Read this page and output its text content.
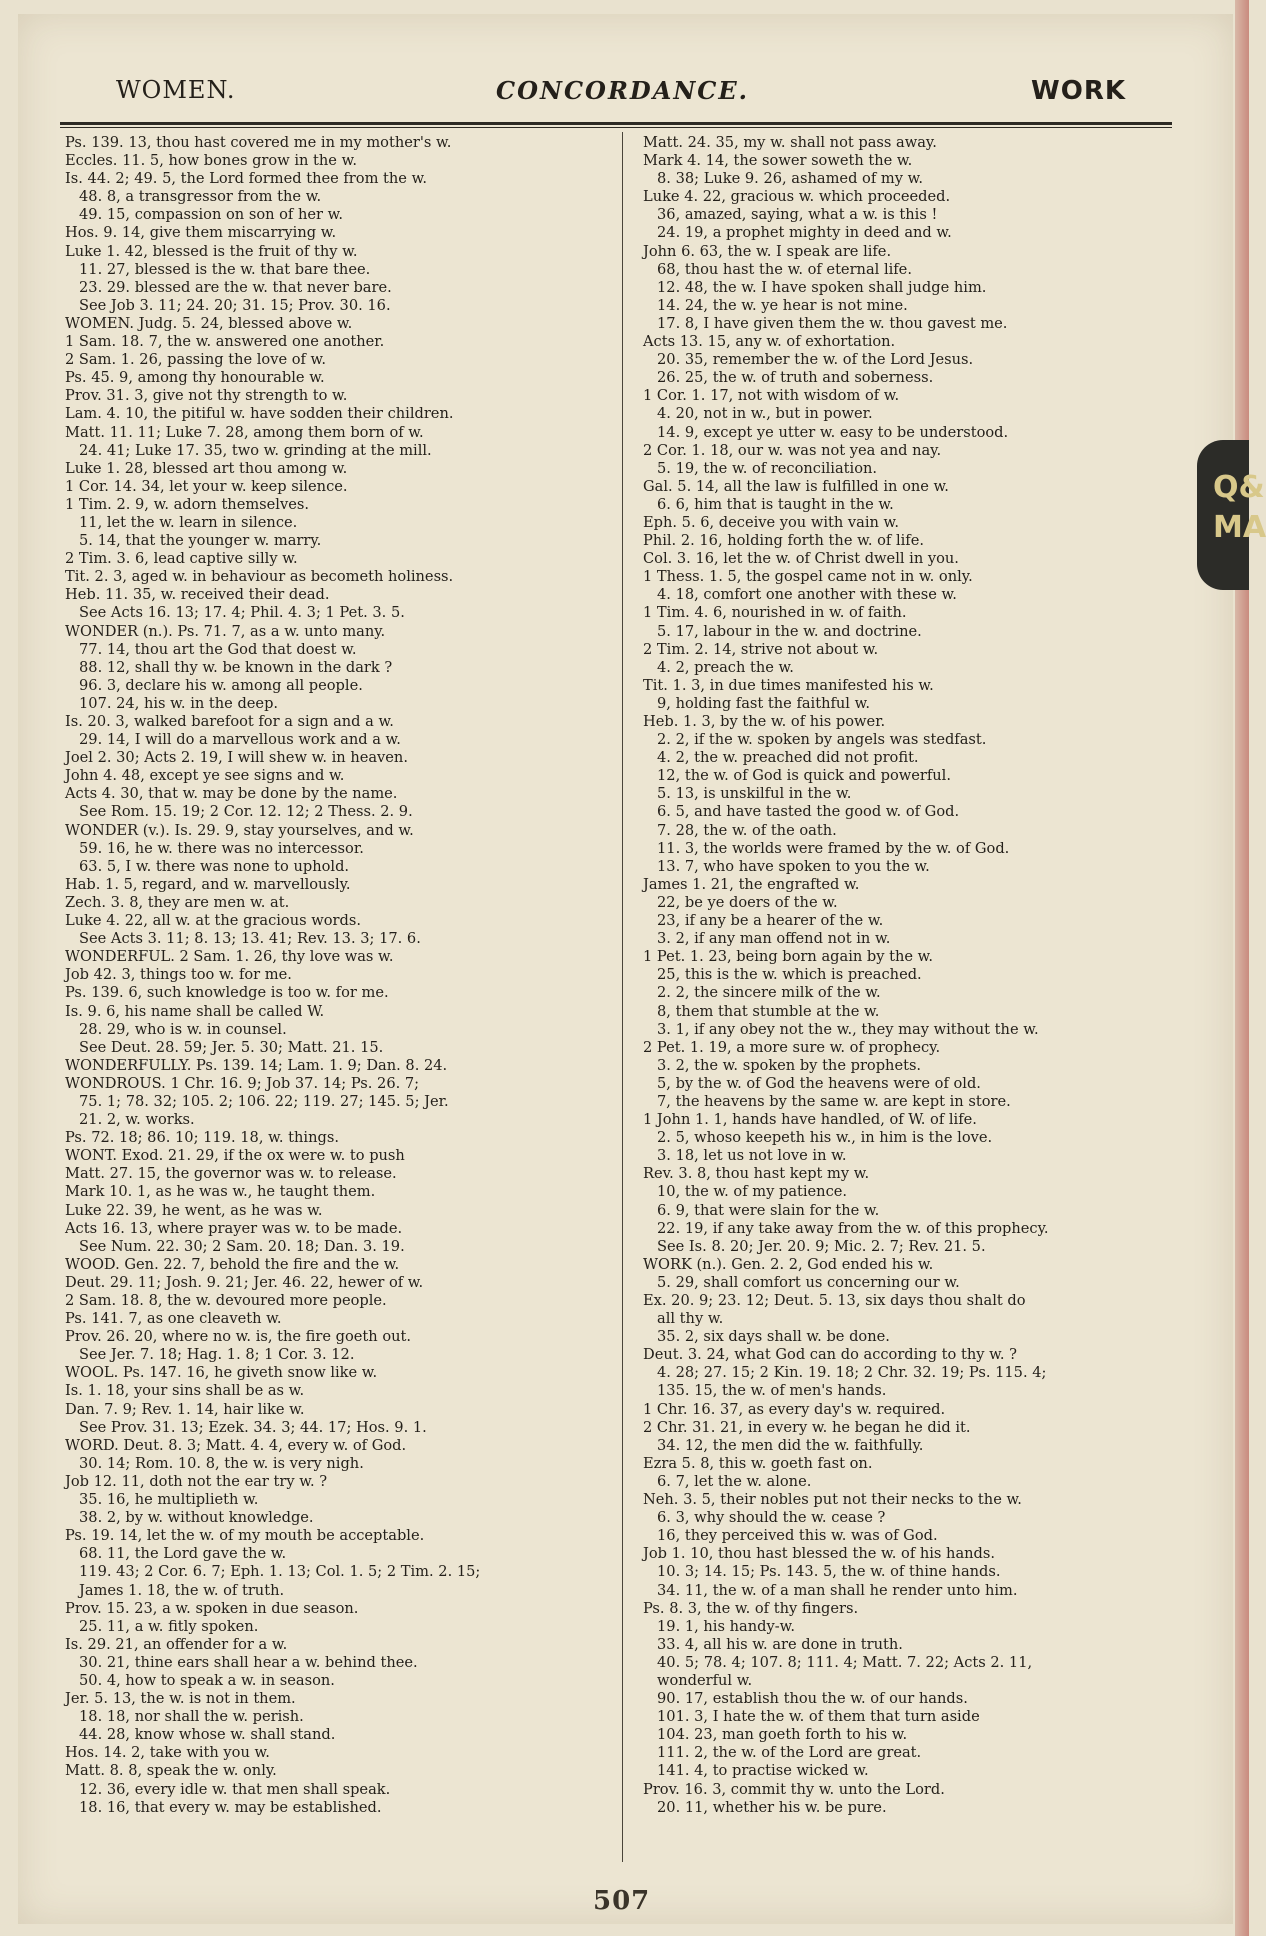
WOMEN.	CONCORDANCE.	WORK
Ps. 139. 13, thou hast covered me in my mother's w.
Eccles. 11. 5, how bones grow in the w.
Is. 44. 2; 49. 5, the Lord formed thee from the w.
48. 8, a transgressor from the w.
49. 15, compassion on son of her w.
Hos. 9. 14, give them miscarrying w.
Luke 1. 42, blessed is the fruit of thy w.
11. 27, blessed is the w. that bare thee.
23. 29. blessed are the w. that never bare.
See Job 3. 11; 24. 20; 31. 15; Prov. 30. 16.
WOMEN. Judg. 5. 24, blessed above w.
1 Sam. 18. 7, the w. answered one another.
2 Sam. 1. 26, passing the love of w.
Ps. 45. 9, among thy honourable w.
Prov. 31. 3, give not thy strength to w.
Lam. 4. 10, the pitiful w. have sodden their children.
Matt. 11. 11; Luke 7. 28, among them born of w.
24. 41; Luke 17. 35, two w. grinding at the mill.
Luke 1. 28, blessed art thou among w.
1 Cor. 14. 34, let your w. keep silence.
1 Tim. 2. 9, w. adorn themselves.
11, let the w. learn in silence.
5. 14, that the younger w. marry.
2 Tim. 3. 6, lead captive silly w.
Tit. 2. 3, aged w. in behaviour as becometh holiness.
Heb. 11. 35, w. received their dead.
See Acts 16. 13; 17. 4; Phil. 4. 3; 1 Pet. 3. 5.
WONDER (n.). Ps. 71. 7, as a w. unto many.
77. 14, thou art the God that doest w.
88. 12, shall thy w. be known in the dark ?
96. 3, declare his w. among all people.
107. 24, his w. in the deep.
Is. 20. 3, walked barefoot for a sign and a w.
29. 14, I will do a marvellous work and a w.
Joel 2. 30; Acts 2. 19, I will shew w. in heaven.
John 4. 48, except ye see signs and w.
Acts 4. 30, that w. may be done by the name.
See Rom. 15. 19; 2 Cor. 12. 12; 2 Thess. 2. 9.
WONDER (v.). Is. 29. 9, stay yourselves, and w.
59. 16, he w. there was no intercessor.
63. 5, I w. there was none to uphold.
Hab. 1. 5, regard, and w. marvellously.
Zech. 3. 8, they are men w. at.
Luke 4. 22, all w. at the gracious words.
See Acts 3. 11; 8. 13; 13. 41; Rev. 13. 3; 17. 6.
WONDERFUL. 2 Sam. 1. 26, thy love was w.
Job 42. 3, things too w. for me.
Ps. 139. 6, such knowledge is too w. for me.
Is. 9. 6, his name shall be called W.
28. 29, who is w. in counsel.
See Deut. 28. 59; Jer. 5. 30; Matt. 21. 15.
WONDERFULLY. Ps. 139. 14; Lam. 1. 9; Dan. 8. 24.
WONDROUS. 1 Chr. 16. 9; Job 37. 14; Ps. 26. 7;
75. 1; 78. 32; 105. 2; 106. 22; 119. 27; 145. 5; Jer.
21. 2, w. works.
Ps. 72. 18; 86. 10; 119. 18, w. things.
WONT. Exod. 21. 29, if the ox were w. to push
Matt. 27. 15, the governor was w. to release.
Mark 10. 1, as he was w., he taught them.
Luke 22. 39, he went, as he was w.
Acts 16. 13, where prayer was w. to be made.
See Num. 22. 30; 2 Sam. 20. 18; Dan. 3. 19.
WOOD. Gen. 22. 7, behold the fire and the w.
Deut. 29. 11; Josh. 9. 21; Jer. 46. 22, hewer of w.
2 Sam. 18. 8, the w. devoured more people.
Ps. 141. 7, as one cleaveth w.
Prov. 26. 20, where no w. is, the fire goeth out.
See Jer. 7. 18; Hag. 1. 8; 1 Cor. 3. 12.
WOOL. Ps. 147. 16, he giveth snow like w.
Is. 1. 18, your sins shall be as w.
Dan. 7. 9; Rev. 1. 14, hair like w.
See Prov. 31. 13; Ezek. 34. 3; 44. 17; Hos. 9. 1.
WORD. Deut. 8. 3; Matt. 4. 4, every w. of God.
30. 14; Rom. 10. 8, the w. is very nigh.
Job 12. 11, doth not the ear try w. ?
35. 16, he multiplieth w.
38. 2, by w. without knowledge.
Ps. 19. 14, let the w. of my mouth be acceptable.
68. 11, the Lord gave the w.
119. 43; 2 Cor. 6. 7; Eph. 1. 13; Col. 1. 5; 2 Tim. 2. 15;
James 1. 18, the w. of truth.
Prov. 15. 23, a w. spoken in due season.
25. 11, a w. fitly spoken.
Is. 29. 21, an offender for a w.
30. 21, thine ears shall hear a w. behind thee.
50. 4, how to speak a w. in season.
Jer. 5. 13, the w. is not in them.
18. 18, nor shall the w. perish.
44. 28, know whose w. shall stand.
Hos. 14. 2, take with you w.
Matt. 8. 8, speak the w. only.
12. 36, every idle w. that men shall speak.
18. 16, that every w. may be established.
Matt. 24. 35, my w. shall not pass away.
Mark 4. 14, the sower soweth the w.
8. 38; Luke 9. 26, ashamed of my w.
Luke 4. 22, gracious w. which proceeded.
36, amazed, saying, what a w. is this !
24. 19, a prophet mighty in deed and w.
John 6. 63, the w. I speak are life.
68, thou hast the w. of eternal life.
12. 48, the w. I have spoken shall judge him.
14. 24, the w. ye hear is not mine.
17. 8, I have given them the w. thou gavest me.
Acts 13. 15, any w. of exhortation.
20. 35, remember the w. of the Lord Jesus.
26. 25, the w. of truth and soberness.
1 Cor. 1. 17, not with wisdom of w.
4. 20, not in w., but in power.
14. 9, except ye utter w. easy to be understood.
2 Cor. 1. 18, our w. was not yea and nay.
5. 19, the w. of reconciliation.
Gal. 5. 14, all the law is fulfilled in one w.
6. 6, him that is taught in the w.
Eph. 5. 6, deceive you with vain w.
Phil. 2. 16, holding forth the w. of life.
Col. 3. 16, let the w. of Christ dwell in you.
1 Thess. 1. 5, the gospel came not in w. only.
4. 18, comfort one another with these w.
1 Tim. 4. 6, nourished in w. of faith.
5. 17, labour in the w. and doctrine.
2 Tim. 2. 14, strive not about w.
4. 2, preach the w.
Tit. 1. 3, in due times manifested his w.
9, holding fast the faithful w.
Heb. 1. 3, by the w. of his power.
2. 2, if the w. spoken by angels was stedfast.
4. 2, the w. preached did not profit.
12, the w. of God is quick and powerful.
5. 13, is unskilful in the w.
6. 5, and have tasted the good w. of God.
7. 28, the w. of the oath.
11. 3, the worlds were framed by the w. of God.
13. 7, who have spoken to you the w.
James 1. 21, the engrafted w.
22, be ye doers of the w.
23, if any be a hearer of the w.
3. 2, if any man offend not in w.
1 Pet. 1. 23, being born again by the w.
25, this is the w. which is preached.
2. 2, the sincere milk of the w.
8, them that stumble at the w.
3. 1, if any obey not the w., they may without the w.
2 Pet. 1. 19, a more sure w. of prophecy.
3. 2, the w. spoken by the prophets.
5, by the w. of God the heavens were of old.
7, the heavens by the same w. are kept in store.
1 John 1. 1, hands have handled, of W. of life.
2. 5, whoso keepeth his w., in him is the love.
3. 18, let us not love in w.
Rev. 3. 8, thou hast kept my w.
10, the w. of my patience.
6. 9, that were slain for the w.
22. 19, if any take away from the w. of this prophecy.
See Is. 8. 20; Jer. 20. 9; Mic. 2. 7; Rev. 21. 5.
WORK (n.). Gen. 2. 2, God ended his w.
5. 29, shall comfort us concerning our w.
Ex. 20. 9; 23. 12; Deut. 5. 13, six days thou shalt do
all thy w.
35. 2, six days shall w. be done.
Deut. 3. 24, what God can do according to thy w. ?
4. 28; 27. 15; 2 Kin. 19. 18; 2 Chr. 32. 19; Ps. 115. 4;
135. 15, the w. of men's hands.
1 Chr. 16. 37, as every day's w. required.
2 Chr. 31. 21, in every w. he began he did it.
34. 12, the men did the w. faithfully.
Ezra 5. 8, this w. goeth fast on.
6. 7, let the w. alone.
Neh. 3. 5, their nobles put not their necks to the w.
6. 3, why should the w. cease ?
16, they perceived this w. was of God.
Job 1. 10, thou hast blessed the w. of his hands.
10. 3; 14. 15; Ps. 143. 5, the w. of thine hands.
34. 11, the w. of a man shall he render unto him.
Ps. 8. 3, the w. of thy fingers.
19. 1, his handy-w.
33. 4, all his w. are done in truth.
40. 5; 78. 4; 107. 8; 111. 4; Matt. 7. 22; Acts 2. 11,
wonderful w.
90. 17, establish thou the w. of our hands.
101. 3, I hate the w. of them that turn aside
104. 23, man goeth forth to his w.
111. 2, the w. of the Lord are great.
141. 4, to practise wicked w.
Prov. 16. 3, commit thy w. unto the Lord.
20. 11, whether his w. be pure.
507
Q&
MA
